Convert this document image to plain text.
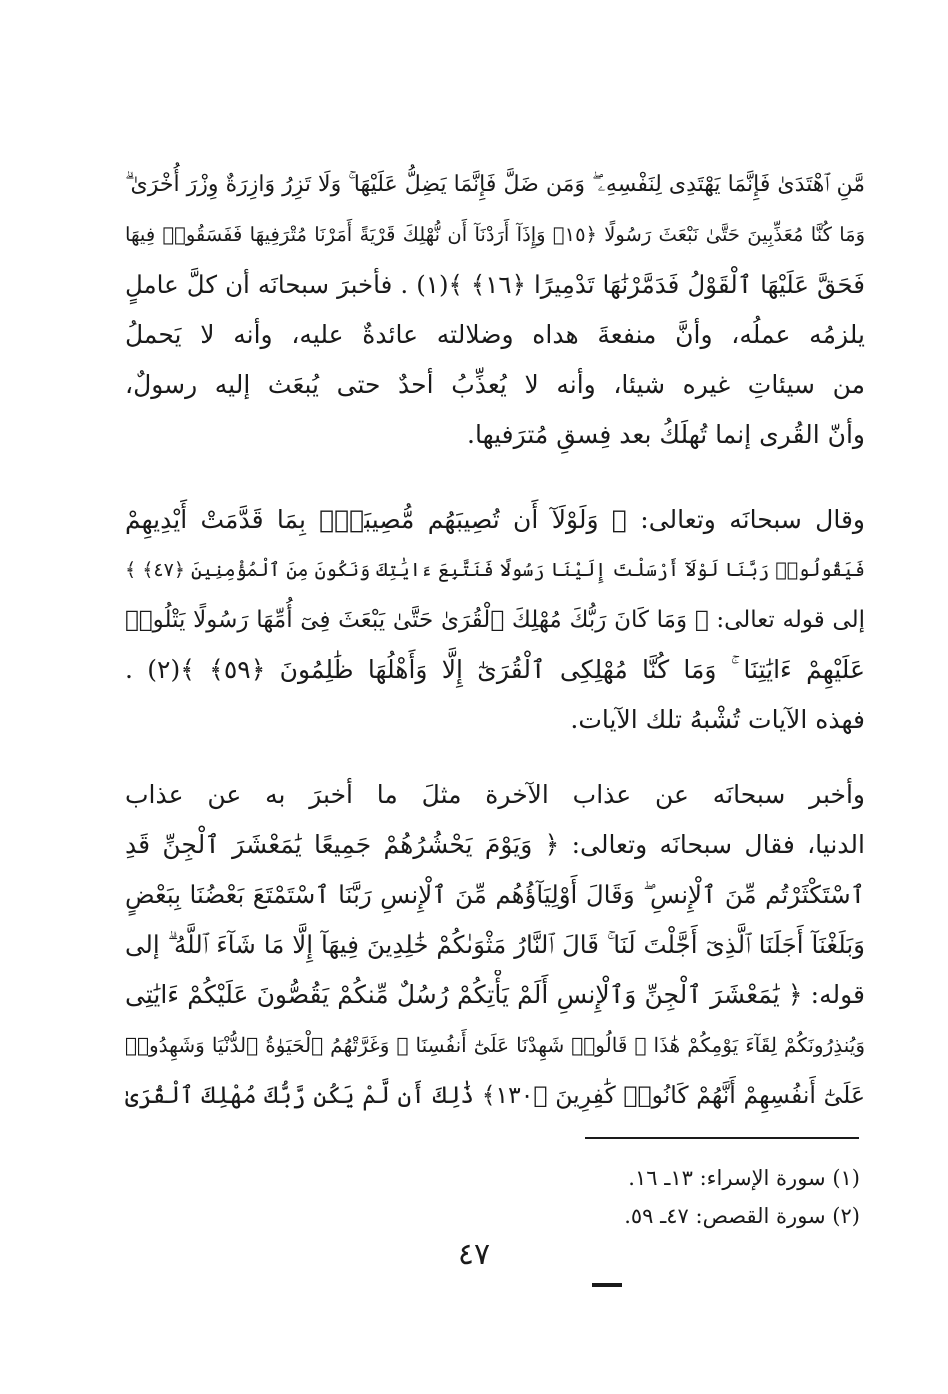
مَّنِ ٱهْتَدَىٰ فَإِنَّمَا يَهْتَدِى لِنَفْسِهِۦ ۖ وَمَن ضَلَّ فَإِنَّمَا يَضِلُّ عَلَيْهَا ۚ وَلَا تَزِرُ وَازِرَةٌ وِزْرَ أُخْرَىٰ ۗ
وَمَا كُنَّا مُعَذِّبِينَ حَتَّىٰ نَبْعَثَ رَسُولًا ﴿١٥﴾ وَإِذَآ أَرَدْنَآ أَن نُّهْلِكَ قَرْيَةً أَمَرْنَا مُتْرَفِيهَا فَفَسَقُوا۟ فِيهَا
فَحَقَّ عَلَيْهَا ٱلْقَوْلُ فَدَمَّرْنَٰهَا تَدْمِيرًا ﴿١٦﴾ ﴾(١) . فأخبرَ سبحانَه أن كلَّ عاملٍ
يلزمُه عملُه، وأنَّ منفعةَ هداه وضلالته عائدةٌ عليه، وأنه لا يَحملُ
من سيئاتِ غيره شيئا، وأنه لا يُعذِّبُ أحدٌ حتى يُبعَث إليه رسولٌ،
وأنّ القُرى إنما تُهلَكُ بعد فِسقِ مُترَفيها.
وقال سبحانَه وتعالى: ﴿ وَلَوْلَآ أَن تُصِيبَهُم مُّصِيبَةٌۢ بِمَا قَدَّمَتْ أَيْدِيهِمْ
فَيَقُولُوا۟ رَبَّنَا لَوْلَآ أَرْسَلْتَ إِلَيْنَا رَسُولًا فَنَتَّبِعَ ءَايَٰتِكَ وَنَكُونَ مِنَ ٱلْمُؤْمِنِينَ ﴿٤٧﴾ ﴾
إلى قوله تعالى: ﴿ وَمَا كَانَ رَبُّكَ مُهْلِكَ ٱلْقُرَىٰ حَتَّىٰ يَبْعَثَ فِىٓ أُمِّهَا رَسُولًا يَتْلُوا۟
عَلَيْهِمْ ءَايَٰتِنَا ۚ وَمَا كُنَّا مُهْلِكِى ٱلْقُرَىٰٓ إِلَّا وَأَهْلُهَا ظَٰلِمُونَ ﴿٥٩﴾ ﴾(٢) .
فهذه الآيات تُشْبهُ تلك الآيات.
وأخبر سبحانَه عن عذاب الآخرة مثلَ ما أخبرَ به عن عذاب
الدنيا، فقال سبحانَه وتعالى: ﴿ وَيَوْمَ يَحْشُرُهُمْ جَمِيعًا يَٰمَعْشَرَ ٱلْجِنِّ قَدِ
ٱسْتَكْثَرْتُم مِّنَ ٱلْإِنسِ ۖ وَقَالَ أَوْلِيَآؤُهُم مِّنَ ٱلْإِنسِ رَبَّنَا ٱسْتَمْتَعَ بَعْضُنَا بِبَعْضٍ
وَبَلَغْنَآ أَجَلَنَا ٱلَّذِىٓ أَجَّلْتَ لَنَا ۚ قَالَ ٱلنَّارُ مَثْوَىٰكُمْ خَٰلِدِينَ فِيهَآ إِلَّا مَا شَآءَ ٱللَّهُ ۗ إلى
قوله: ﴿ يَٰمَعْشَرَ ٱلْجِنِّ وَٱلْإِنسِ أَلَمْ يَأْتِكُمْ رُسُلٌ مِّنكُمْ يَقُصُّونَ عَلَيْكُمْ ءَايَٰتِى
وَيُنذِرُونَكُمْ لِقَآءَ يَوْمِكُمْ هَٰذَا ۚ قَالُوا۟ شَهِدْنَا عَلَىٰٓ أَنفُسِنَا ۖ وَغَرَّتْهُمُ ٱلْحَيَوٰةُ ٱلدُّنْيَا وَشَهِدُوا۟
عَلَىٰٓ أَنفُسِهِمْ أَنَّهُمْ كَانُوا۟ كَٰفِرِينَ ﴿١٣٠﴾ ذَٰلِكَ أَن لَّمْ يَكُن رَّبُّكَ مُهْلِكَ ٱلْقُرَىٰ
(١) سورة الإسراء: ١٣ـ ١٦.
(٢) سورة القصص: ٤٧ـ ٥٩.
٤٧
